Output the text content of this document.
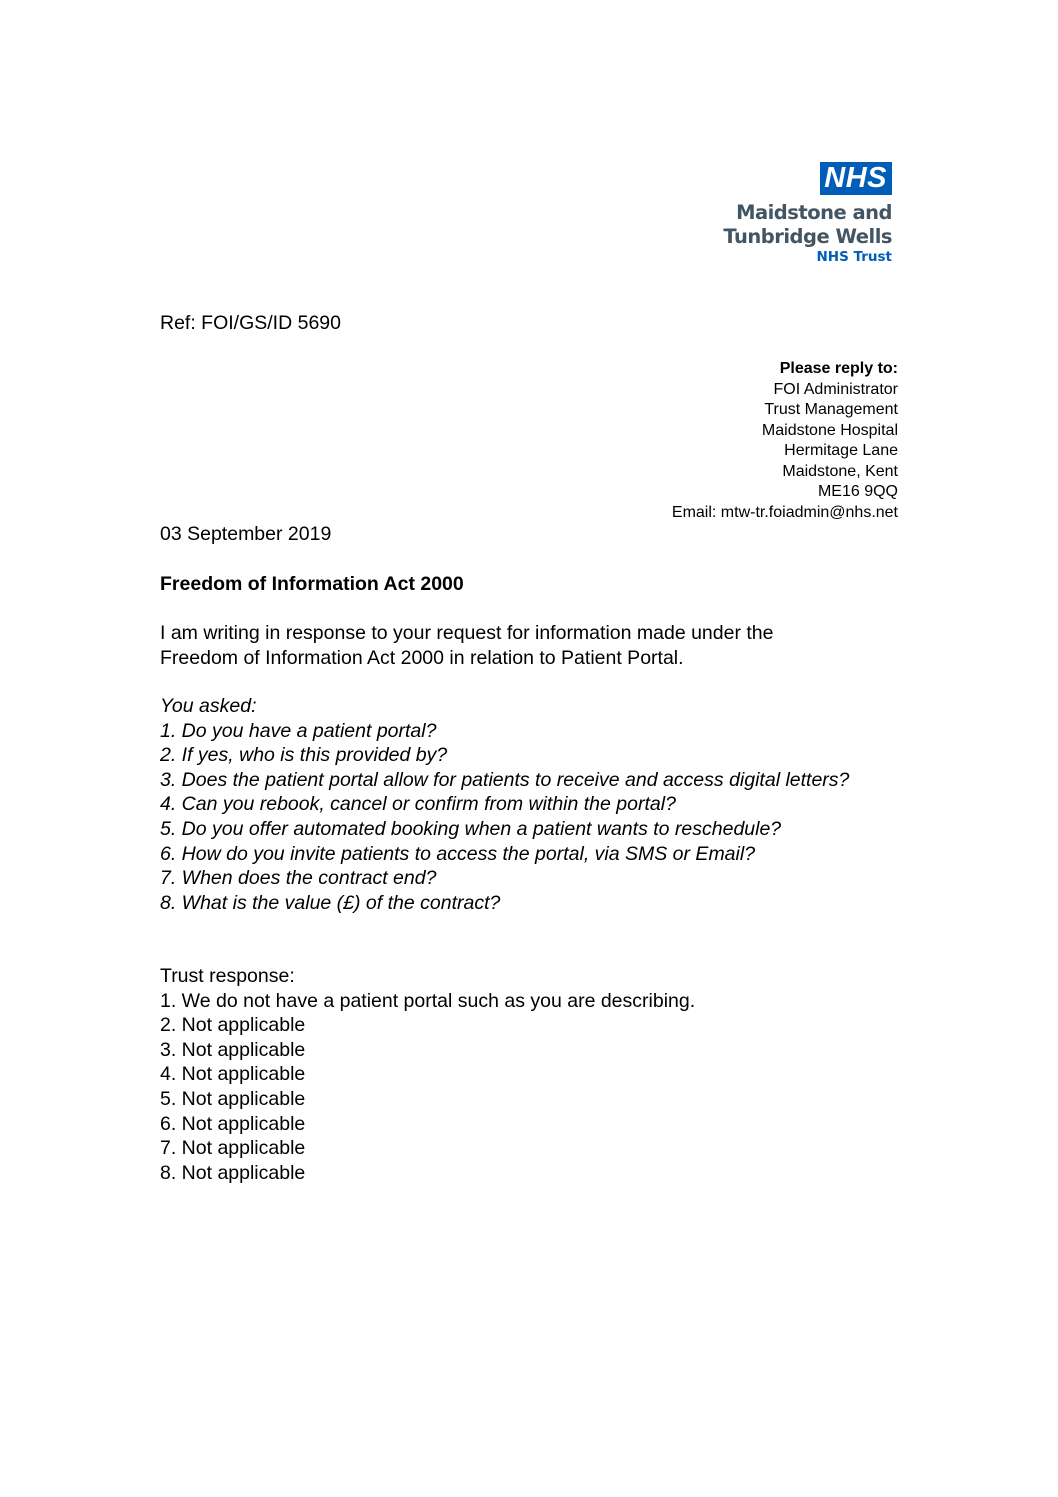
NHS
Maidstone and
Tunbridge Wells
NHS Trust
Ref: FOI/GS/ID 5690
Please reply to:
FOI Administrator
Trust Management
Maidstone Hospital
Hermitage Lane
Maidstone, Kent
ME16 9QQ
Email: mtw-tr.foiadmin@nhs.net
03 September 2019
Freedom of Information Act 2000
I am writing in response to your request for information made under the
Freedom of Information Act 2000 in relation to Patient Portal.
You asked:
1. Do you have a patient portal?
2. If yes, who is this provided by?
3. Does the patient portal allow for patients to receive and access digital letters?
4. Can you rebook, cancel or confirm from within the portal?
5. Do you offer automated booking when a patient wants to reschedule?
6. How do you invite patients to access the portal, via SMS or Email?
7. When does the contract end?
8. What is the value (£) of the contract?
Trust response:
1. We do not have a patient portal such as you are describing.
2. Not applicable
3. Not applicable
4. Not applicable
5. Not applicable
6. Not applicable
7. Not applicable
8. Not applicable
